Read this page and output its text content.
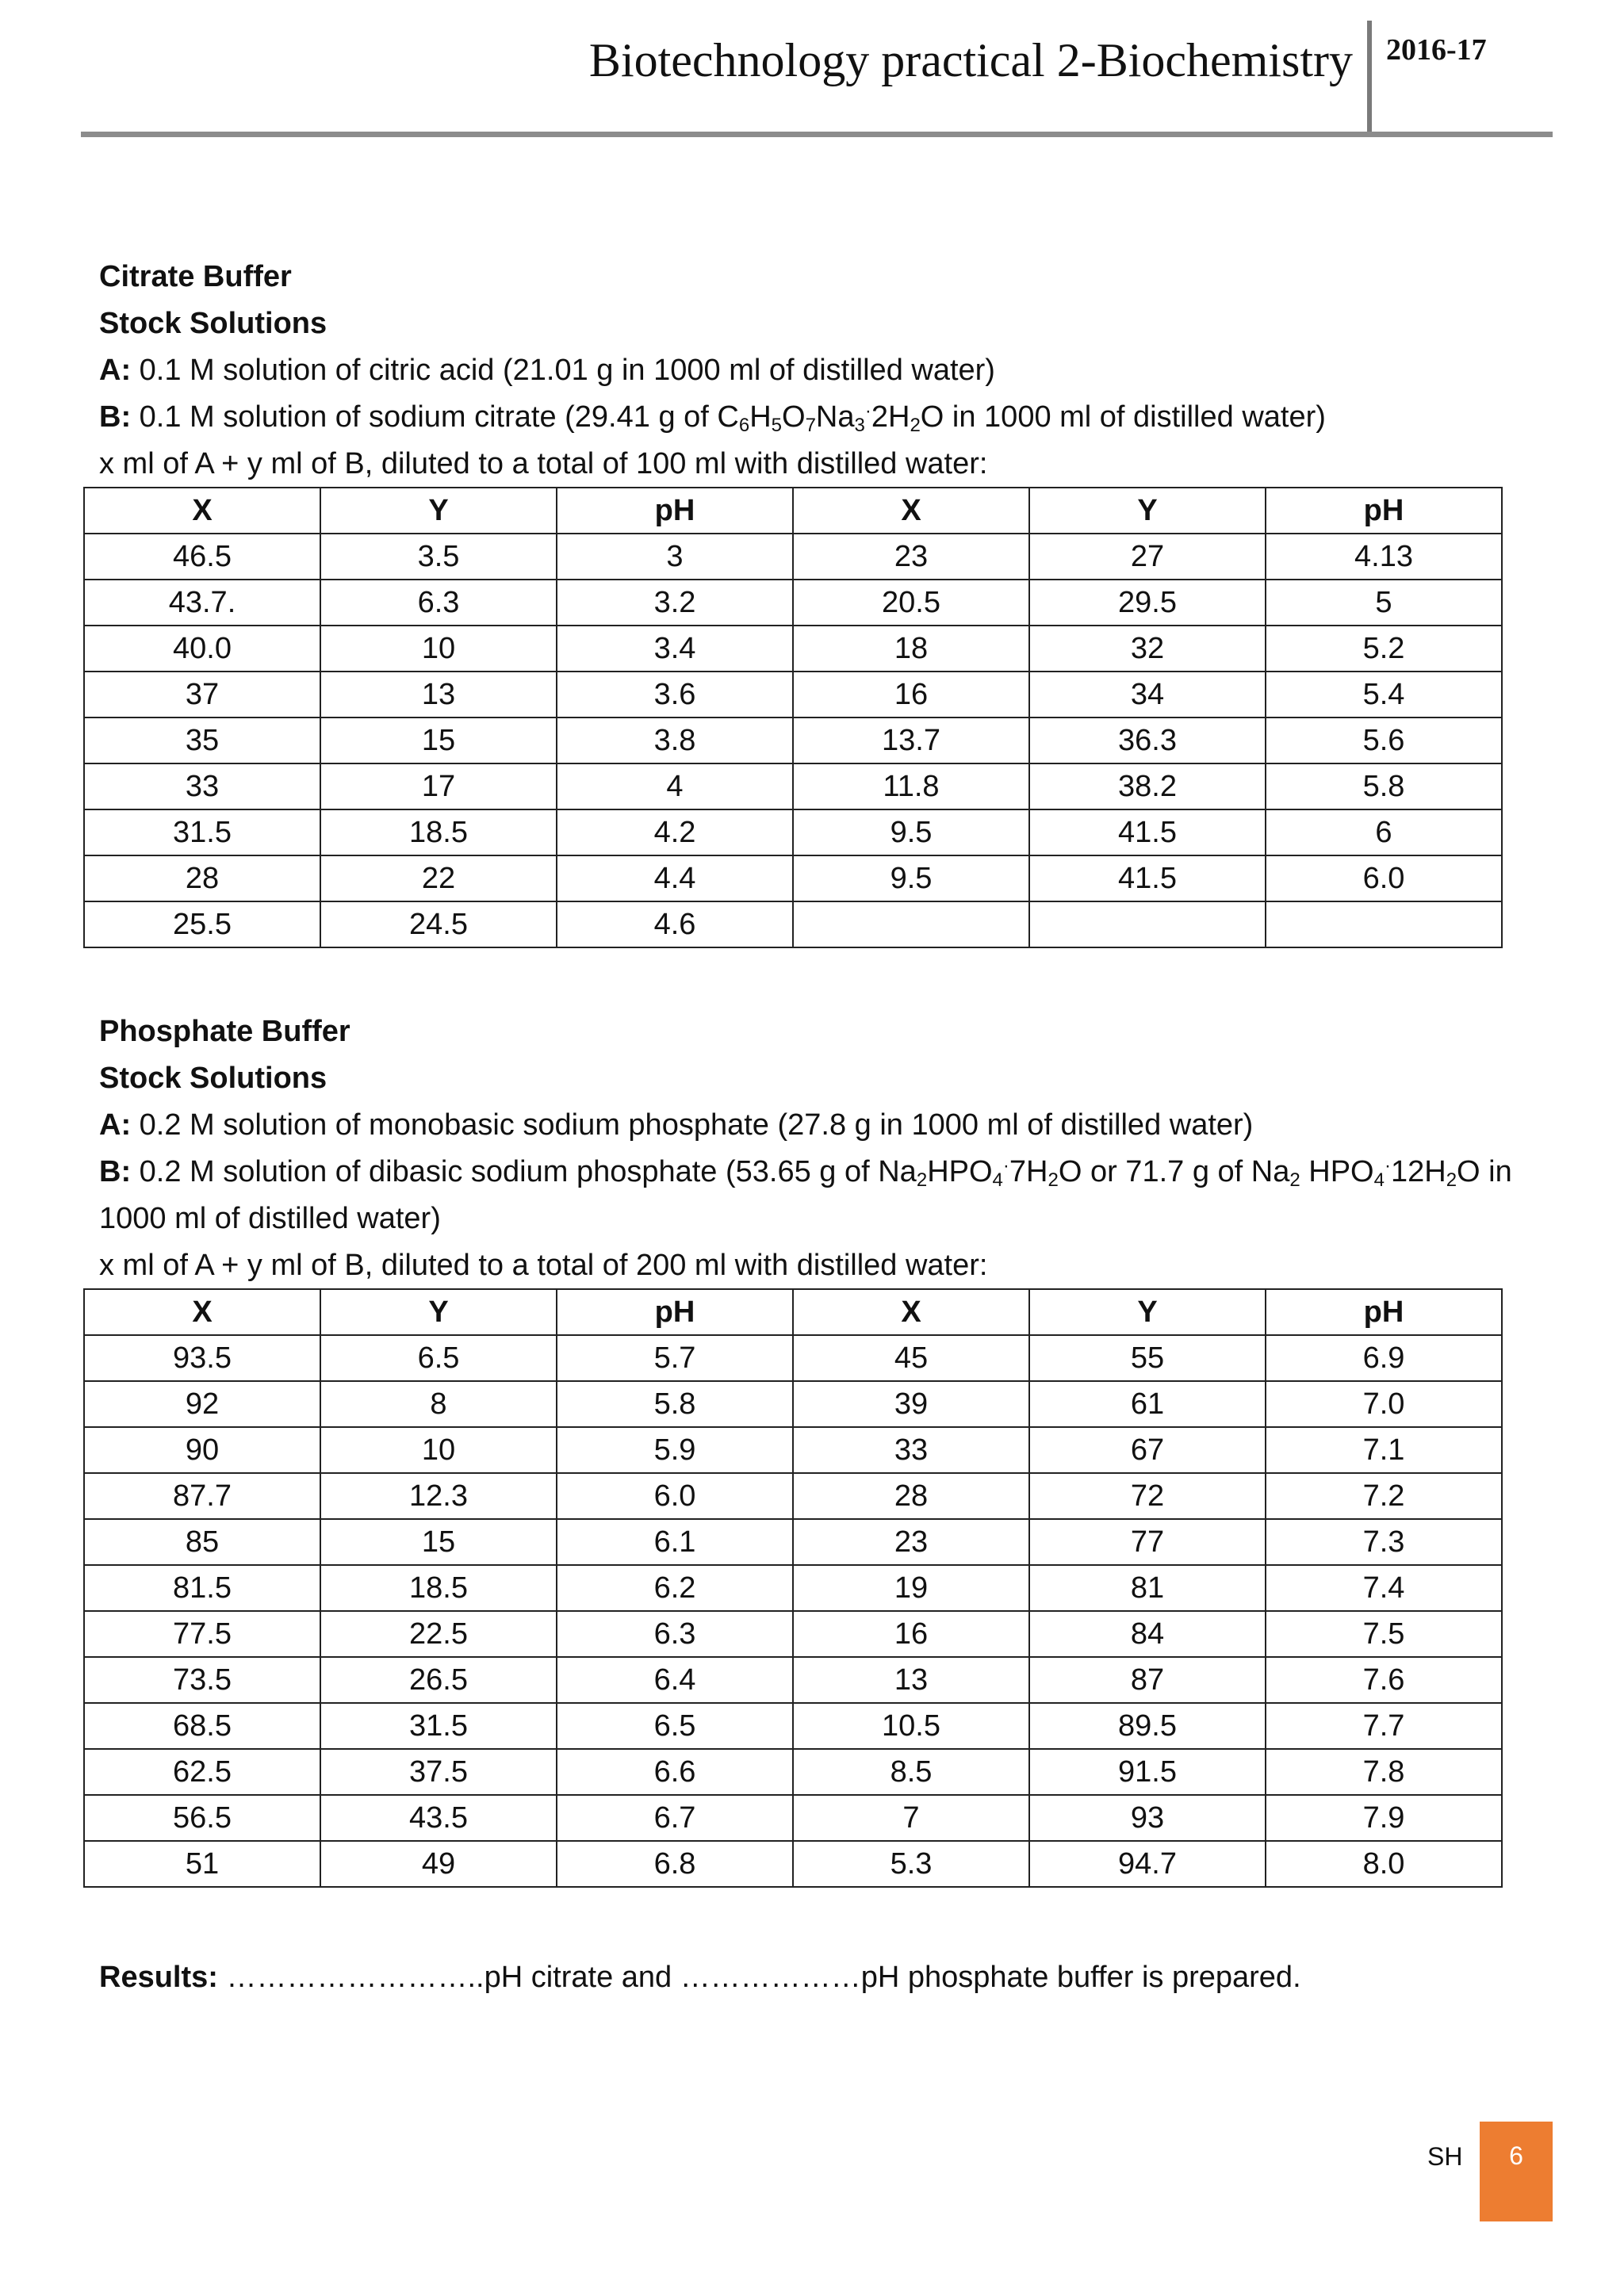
Biotechnology practical 2-Biochemistry 2016-17
Citrate Buffer
Stock Solutions
A: 0.1 M solution of citric acid (21.01 g in 1000 ml of distilled water)
B: 0.1 M solution of sodium citrate (29.41 g of $C_6H_5O_7Na_3^\cdot 2H_2O$ in 1000 ml of distilled water)
x ml of A + y ml of B, diluted to a total of 100 ml with distilled water:
X	Y	pH	X	Y	pH
46.5	3.5	3	23	27	4.13
43.7.	6.3	3.2	20.5	29.5	5
40.0	10	3.4	18	32	5.2
37	13	3.6	16	34	5.4
35	15	3.8	13.7	36.3	5.6
33	17	4	11.8	38.2	5.8
31.5	18.5	4.2	9.5	41.5	6
28	22	4.4	9.5	41.5	6.0
25.5	24.5	4.6			
Phosphate Buffer
Stock Solutions
A: 0.2 M solution of monobasic sodium phosphate (27.8 g in 1000 ml of distilled water)
B: 0.2 M solution of dibasic sodium phosphate (53.65 g of $Na_2HPO_4^\cdot 7H_2O$ or 71.7 g of $Na_2$ $HPO_4^\cdot 12H_2O$ in
1000 ml of distilled water)
x ml of A + y ml of B, diluted to a total of 200 ml with distilled water:
X	Y	pH	X	Y	pH
93.5	6.5	5.7	45	55	6.9
92	8	5.8	39	61	7.0
90	10	5.9	33	67	7.1
87.7	12.3	6.0	28	72	7.2
85	15	6.1	23	77	7.3
81.5	18.5	6.2	19	81	7.4
77.5	22.5	6.3	16	84	7.5
73.5	26.5	6.4	13	87	7.6
68.5	31.5	6.5	10.5	89.5	7.7
62.5	37.5	6.6	8.5	91.5	7.8
56.5	43.5	6.7	7	93	7.9
51	49	6.8	5.3	94.7	8.0
Results: ……………………..pH citrate and ………………pH phosphate buffer is prepared.
SH	6
